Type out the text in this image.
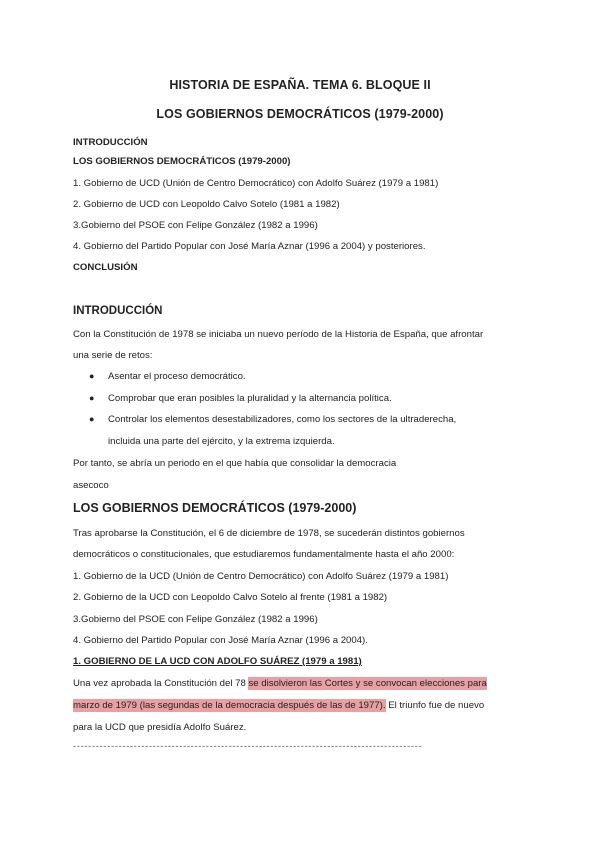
HISTORIA DE ESPAÑA. TEMA 6. BLOQUE II
LOS GOBIERNOS DEMOCRÁTICOS (1979-2000)
INTRODUCCIÓN
LOS GOBIERNOS DEMOCRÁTICOS (1979-2000)
1. Gobierno de UCD (Unión de Centro Democrático) con Adolfo Suárez (1979 a 1981)
2. Gobierno de UCD con Leopoldo Calvo Sotelo (1981 a 1982)
3.Gobierno del PSOE con Felipe González (1982 a 1996)
4. Gobierno del Partido Popular con José María Aznar (1996 a 2004) y posteriores.
CONCLUSIÓN
INTRODUCCIÓN
Con la Constitución de 1978 se iniciaba un nuevo período de la Historia de España, que afrontar
una serie de retos:
● Asentar el proceso democrático.
● Comprobar que eran posibles la pluralidad y la alternancia política.
● Controlar los elementos desestabilizadores, como los sectores de la ultraderecha,
incluida una parte del ejército, y la extrema izquierda.
Por tanto, se abría un periodo en el que había que consolidar la democracia
asecoco
LOS GOBIERNOS DEMOCRÁTICOS (1979-2000)
Tras aprobarse la Constitución, el 6 de diciembre de 1978, se sucederán distintos gobiernos
democráticos o constitucionales, que estudiaremos fundamentalmente hasta el año 2000:
1. Gobierno de la UCD (Unión de Centro Democrático) con Adolfo Suárez (1979 a 1981)
2. Gobierno de la UCD con Leopoldo Calvo Sotelo al frente (1981 a 1982)
3.Gobierno del PSOE con Felipe González (1982 a 1996)
4. Gobierno del Partido Popular con José María Aznar (1996 a 2004).
1. GOBIERNO DE LA UCD CON ADOLFO SUÁREZ (1979 a 1981)
Una vez aprobada la Constitución del 78 se disolvieron las Cortes y se convocan elecciones para
marzo de 1979 (las segundas de la democracia después de las de 1977). El triunfo fue de nuevo
para la UCD que presidía Adolfo Suárez.
--------------------------------------------------------------------------------------------
